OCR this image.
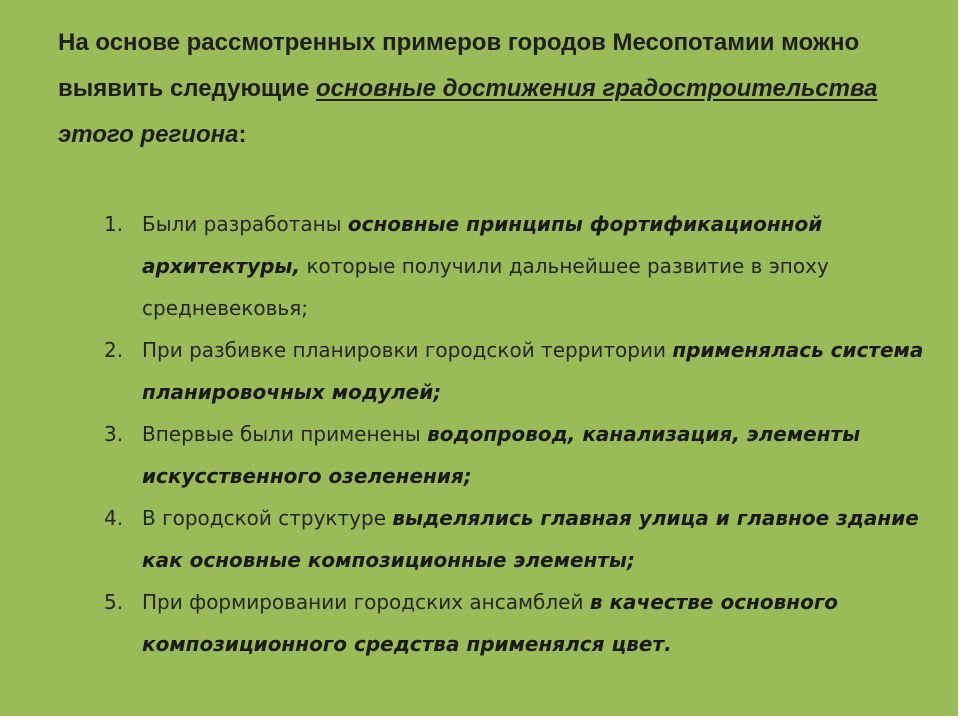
На основе рассмотренных примеров городов Месопотамии можно выявить следующие основные достижения градостроительства этого региона:
1. Были разработаны основные принципы фортификационной архитектуры, которые получили дальнейшее развитие в эпоху средневековья;
2. При разбивке планировки городской территории применялась система планировочных модулей;
3. Впервые были применены водопровод, канализация, элементы искусственного озеленения;
4. В городской структуре выделялись главная улица и главное здание как основные композиционные элементы;
5. При формировании городских ансамблей в качестве основного композиционного средства применялся цвет.
